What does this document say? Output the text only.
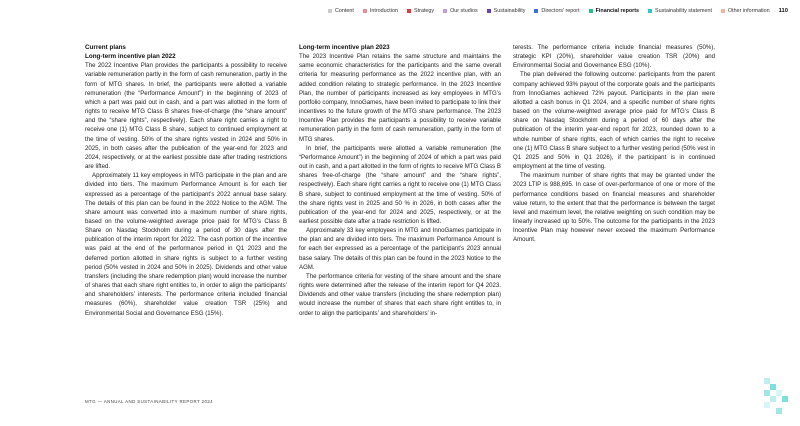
Content	Introduction	Strategy	Our studios	Sustainability	Directors' report	Financial reports	Sustainability statement	Other information 110
Current plans
Long-term incentive plan 2022

The 2022 Incentive Plan provides the participants a possibility to receive variable remuneration partly in the form of cash remuneration, partly in the form of MTG shares. In brief, the participants were allotted a variable remuneration (the “Performance Amount”) in the beginning of 2023 of which a part was paid out in cash, and a part was allotted in the form of rights to receive MTG Class B shares free-of-charge (the “share amount” and the “share rights”, respectively). Each share right carries a right to receive one (1) MTG Class B share, subject to continued employment at the time of vesting. 50% of the share rights vested in 2024 and 50% in 2025, in both cases after the publication of the year-end for 2023 and 2024, respectively, or at the earliest possible date after trading restrictions are lifted.

Approximately 11 key employees in MTG participate in the plan and are divided into tiers. The maximum Performance Amount is for each tier expressed as a percentage of the participant’s 2022 annual base salary. The details of this plan can be found in the 2022 Notice to the AGM. The share amount was converted into a maximum number of share rights, based on the volume-weighted average price paid for MTG’s Class B Share on Nasdaq Stockholm during a period of 30 days after the publication of the interim report for 2022. The cash portion of the incentive was paid at the end of the performance period in Q1 2023 and the deferred portion allotted in share rights is subject to a further vesting period (50% vested in 2024 and 50% in 2025). Dividends and other value transfers (including the share redemption plan) would increase the number of shares that each share right entitles to, in order to align the participants’ and shareholders’ interests. The performance criteria included financial measures (60%), shareholder value creation TSR (25%) and Environmental Social and Governance ESG (15%).

Long-term incentive plan 2023

The 2023 Incentive Plan retains the same structure and maintains the same economic characteristics for the participants and the same overall criteria for measuring performance as the 2022 incentive plan, with an added condition relating to strategic performance. In the 2023 Incentive Plan, the number of participants increased as key employees in MTG’s portfolio company, InnoGames, have been invited to participate to link their incentives to the future growth of the MTG share performance. The 2023 Incentive Plan provides the participants a possibility to receive variable remuneration partly in the form of cash remuneration, partly in the form of MTG shares.

In brief, the participants were allotted a variable remuneration (the “Performance Amount”) in the beginning of 2024 of which a part was paid out in cash, and a part allotted in the form of rights to receive MTG Class B shares free-of-charge (the “share amount” and the “share rights”, respectively). Each share right carries a right to receive one (1) MTG Class B share, subject to continued employment at the time of vesting. 50% of the share rights vest in 2025 and 50 % in 2026, in both cases after the publication of the year-end for 2024 and 2025, respectively, or at the earliest possible date after a trade restriction is lifted.

Approximately 33 key employees in MTG and InnoGames participate in the plan and are divided into tiers. The maximum Performance Amount is for each tier expressed as a percentage of the participant’s 2023 annual base salary. The details of this plan can be found in the 2023 Notice to the AGM.

The performance criteria for vesting of the share amount and the share rights were determined after the release of the interim report for Q4 2023. Dividends and other value transfers (including the share redemption plan) would increase the number of shares that each share right entitles to, in order to align the participants’ and shareholders’ in-

terests. The performance criteria include financial measures (50%), strategic KPI (20%), shareholder value creation TSR (20%) and Environmental Social and Governance ESG (10%).

The plan delivered the following outcome: participants from the parent company achieved 93% payout of the corporate goals and the participants from InnoGames achieved 72% payout. Participants in the plan were allotted a cash bonus in Q1 2024, and a specific number of share rights based on the volume-weighted average price paid for MTG’s Class B share on Nasdaq Stockholm during a period of 60 days after the publication of the interim year-end report for 2023, rounded down to a whole number of share rights, each of which carries the right to receive one (1) MTG Class B share subject to a further vesting period (50% vest in Q1 2025 and 50% in Q1 2026), if the participant is in continued employment at the time of vesting.

The maximum number of share rights that may be granted under the 2023 LTIP is 988,695. In case of over-performance of one or more of the performance conditions based on financial measures and shareholder value return, to the extent that that the performance is between the target level and maximum level, the relative weighting on such condition may be linearly increased up to 50%. The outcome for the participants in the 2023 Incentive Plan may however never exceed the maximum Performance Amount.

MTG — ANNUAL AND SUSTAINABILITY REPORT 2024
